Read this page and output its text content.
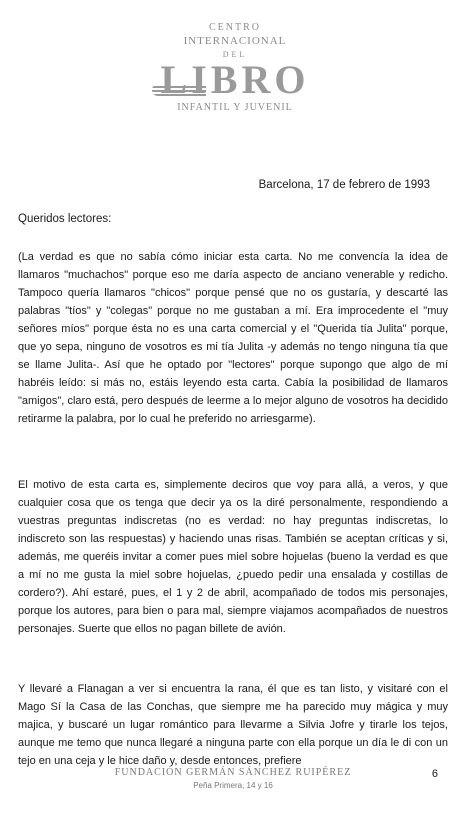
CENTRO
INTERNACIONAL
DEL
LIBRO
INFANTIL Y JUVENIL
Barcelona, 17 de febrero de 1993
Queridos lectores:

(La verdad es que no sabía cómo iniciar esta carta. No me convencía la idea de llamaros "muchachos" porque eso me daría aspecto de anciano venerable y redicho. Tampoco quería llamaros "chicos" porque pensé que no os gustaría, y descarté las palabras "tíos" y "colegas" porque no me gustaban a mí. Era improcedente el "muy señores míos" porque ésta no es una carta comercial y el "Querida tía Julita" porque, que yo sepa, ninguno de vosotros es mi tía Julita -y además no tengo ninguna tía que se llame Julita-. Así que he optado por "lectores" porque supongo que algo de mí habréis leído: si más no, estáis leyendo esta carta. Cabía la posibilidad de llamaros "amigos", claro está, pero después de leerme a lo mejor alguno de vosotros ha decidido retirarme la palabra, por lo cual he preferido no arriesgarme).

El motivo de esta carta es, simplemente deciros que voy para allá, a veros, y que cualquier cosa que os tenga que decir ya os la diré personalmente, respondiendo a vuestras preguntas indiscretas (no es verdad: no hay preguntas indiscretas, lo indiscreto son las respuestas) y haciendo unas risas. También se aceptan críticas y si, además, me queréis invitar a comer pues miel sobre hojuelas (bueno la verdad es que a mí no me gusta la miel sobre hojuelas, ¿puedo pedir una ensalada y costillas de cordero?). Ahí estaré, pues, el 1 y 2 de abril, acompañado de todos mis personajes, porque los autores, para bien o para mal, siempre viajamos acompañados de nuestros personajes. Suerte que ellos no pagan billete de avión.

Y llevaré a Flanagan a ver si encuentra la rana, él que es tan listo, y visitaré con el Mago Sí la Casa de las Conchas, que siempre me ha parecido muy mágica y muy majica, y buscaré un lugar romántico para llevarme a Silvia Jofre y tirarle los tejos, aunque me temo que nunca llegaré a ninguna parte con ella porque un día le di con un tejo en una ceja y le hice daño y, desde entonces, prefiere

FUNDACIÓN GERMÁN SÁNCHEZ RUIPÉREZ
Peña Primera, 14 y 16
6
